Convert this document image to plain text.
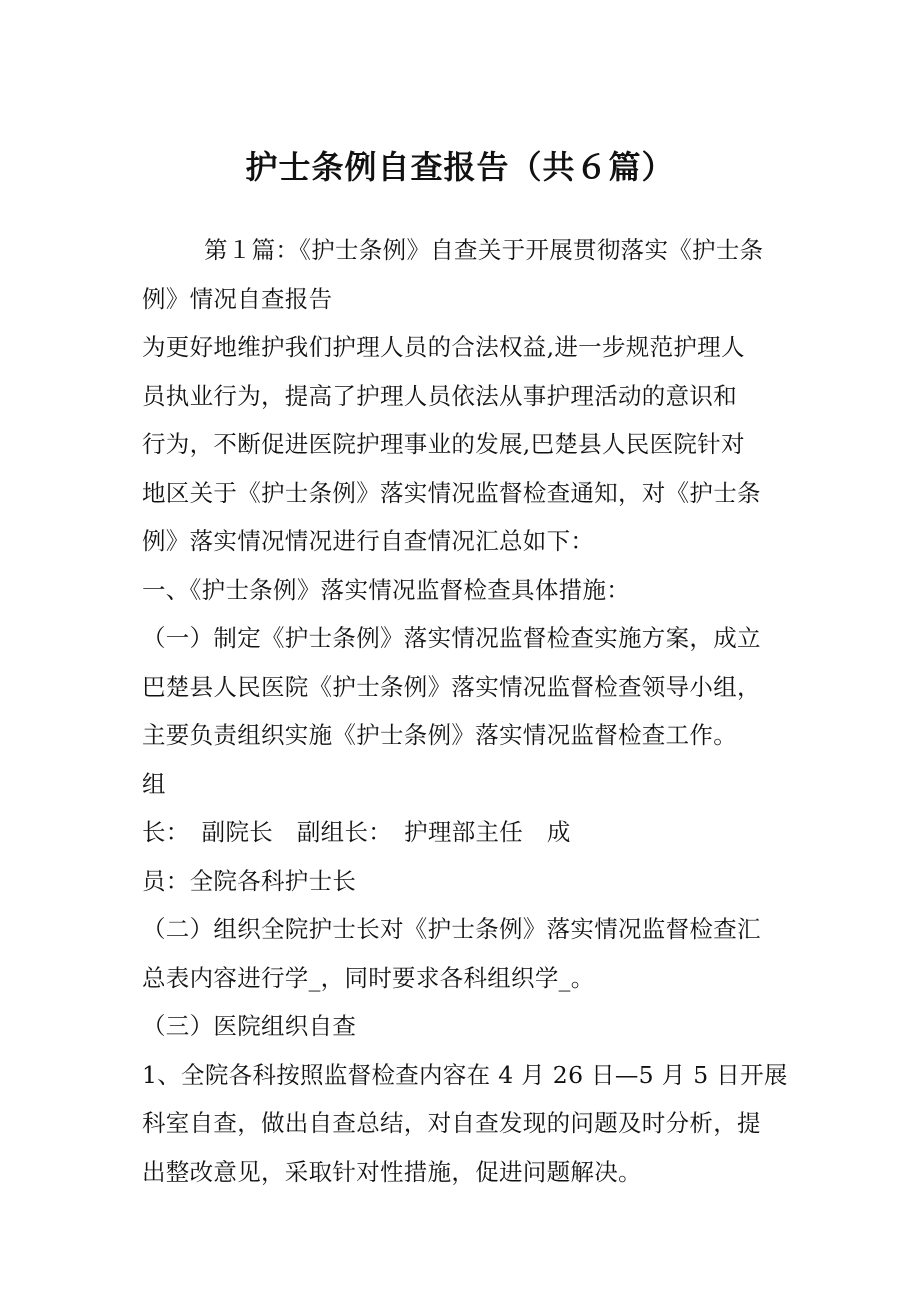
护士条例自查报告（共６篇）
第１篇：《护士条例》自查关于开展贯彻落实《护士条
例》情况自查报告
为更好地维护我们护理人员的合法权益,进一步规范护理人
员执业行为，提高了护理人员依法从事护理活动的意识和
行为，不断促进医院护理事业的发展,巴楚县人民医院针对
地区关于《护士条例》落实情况监督检查通知，对《护士条
例》落实情况情况进行自查情况汇总如下：
一、《护士条例》落实情况监督检查具体措施：
（一）制定《护士条例》落实情况监督检查实施方案，成立
巴楚县人民医院《护士条例》落实情况监督检查领导小组，
主要负责组织实施《护士条例》落实情况监督检查工作。
组
长：　副院长　副组长：　护理部主任　成
员：全院各科护士长
（二）组织全院护士长对《护士条例》落实情况监督检查汇
总表内容进行学_，同时要求各科组织学_。
（三）医院组织自查
1、全院各科按照监督检查内容在 4 月 26 日—5 月 5 日开展
科室自查，做出自查总结，对自查发现的问题及时分析，提
出整改意见，采取针对性措施，促进问题解决。
